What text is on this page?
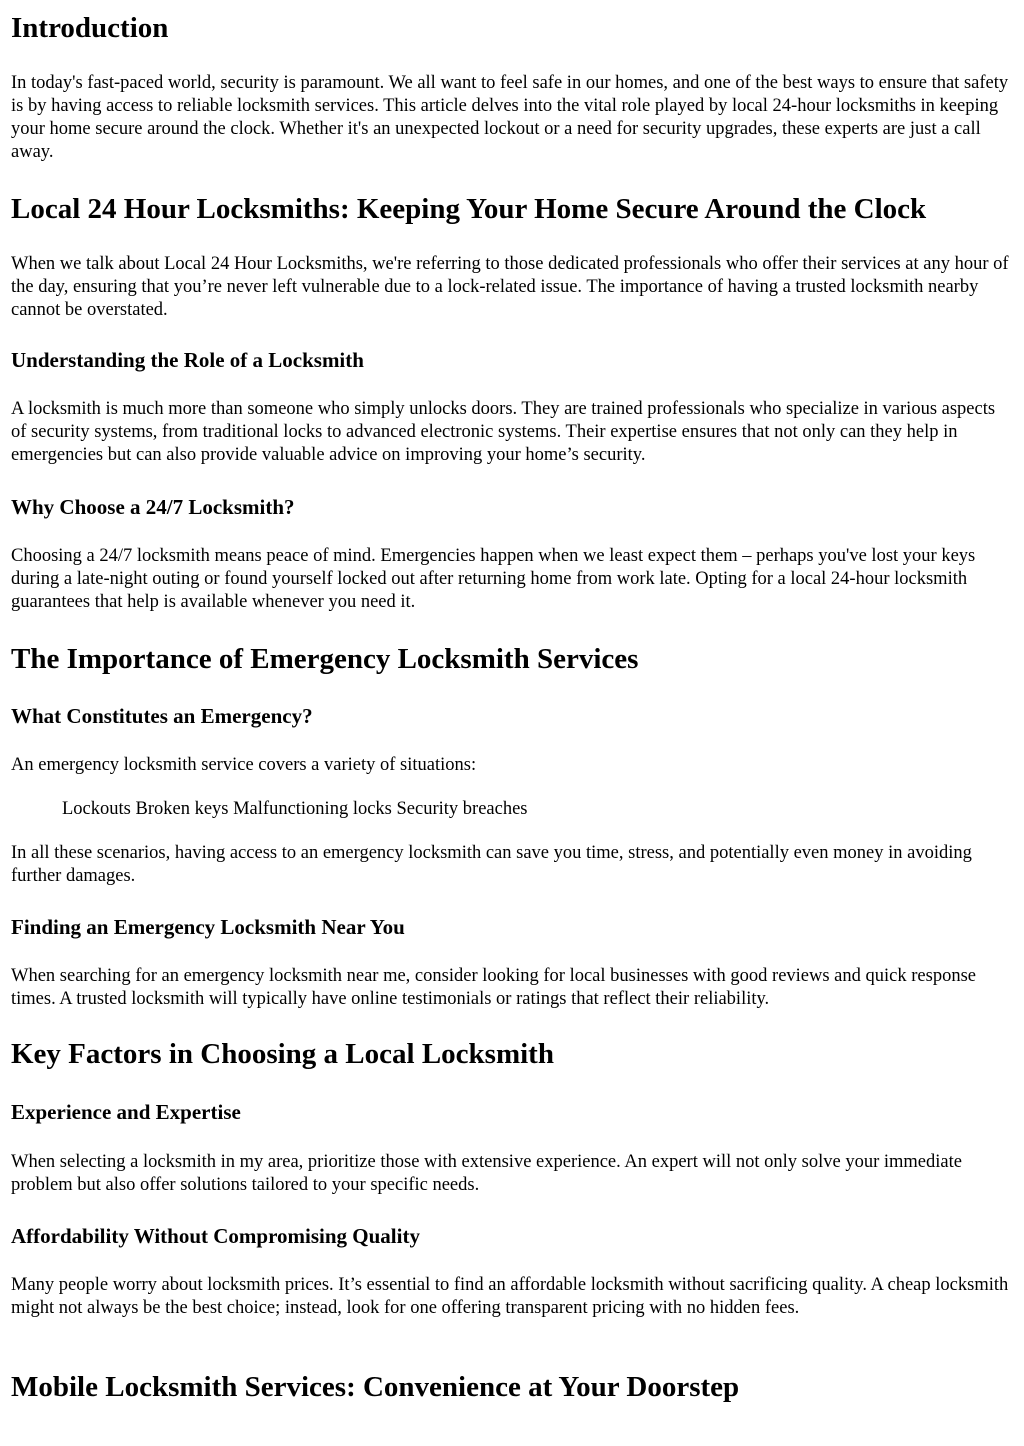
Introduction

In today's fast-paced world, security is paramount. We all want to feel safe in our homes, and one of the best ways to ensure that safety is by having access to reliable locksmith services. This article delves into the vital role played by local 24-hour locksmiths in keeping your home secure around the clock. Whether it's an unexpected lockout or a need for security upgrades, these experts are just a call away.

Local 24 Hour Locksmiths: Keeping Your Home Secure Around the Clock

When we talk about Local 24 Hour Locksmiths, we're referring to those dedicated professionals who offer their services at any hour of the day, ensuring that you’re never left vulnerable due to a lock-related issue. The importance of having a trusted locksmith nearby cannot be overstated.

Understanding the Role of a Locksmith

A locksmith is much more than someone who simply unlocks doors. They are trained professionals who specialize in various aspects of security systems, from traditional locks to advanced electronic systems. Their expertise ensures that not only can they help in emergencies but can also provide valuable advice on improving your home’s security.

Why Choose a 24/7 Locksmith?

Choosing a 24/7 locksmith means peace of mind. Emergencies happen when we least expect them – perhaps you've lost your keys during a late-night outing or found yourself locked out after returning home from work late. Opting for a local 24-hour locksmith guarantees that help is available whenever you need it.

The Importance of Emergency Locksmith Services
What Constitutes an Emergency?

An emergency locksmith service covers a variety of situations:

Lockouts Broken keys Malfunctioning locks Security breaches

In all these scenarios, having access to an emergency locksmith can save you time, stress, and potentially even money in avoiding further damages.

Finding an Emergency Locksmith Near You

When searching for an emergency locksmith near me, consider looking for local businesses with good reviews and quick response times. A trusted locksmith will typically have online testimonials or ratings that reflect their reliability.

Key Factors in Choosing a Local Locksmith
Experience and Expertise

When selecting a locksmith in my area, prioritize those with extensive experience. An expert will not only solve your immediate problem but also offer solutions tailored to your specific needs.

Affordability Without Compromising Quality

Many people worry about locksmith prices. It’s essential to find an affordable locksmith without sacrificing quality. A cheap locksmith might not always be the best choice; instead, look for one offering transparent pricing with no hidden fees.

Mobile Locksmith Services: Convenience at Your Doorstep
